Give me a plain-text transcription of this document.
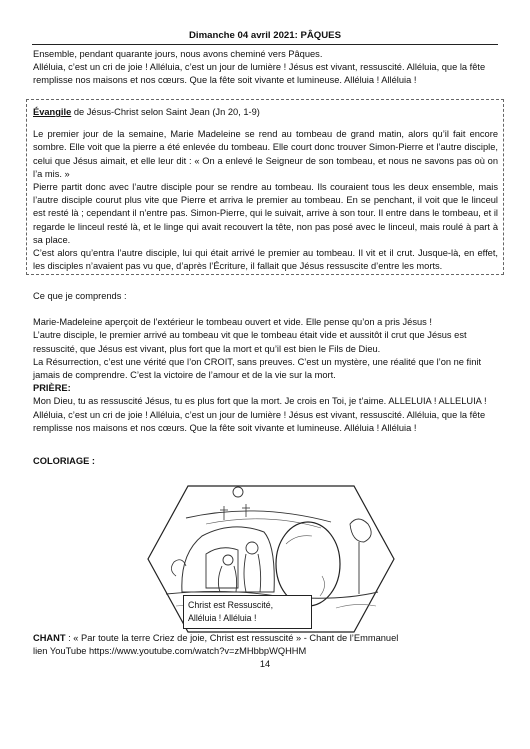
Dimanche 04 avril 2021: PÂQUES

Ensemble, pendant quarante jours, nous avons cheminé vers Pâques.

Alléluia, c’est un cri de joie ! Alléluia, c’est un jour de lumière ! Jésus est vivant, ressuscité. Alléluia, que la fête remplisse nos maisons et nos cœurs. Que la fête soit vivante et lumineuse. Alléluia ! Alléluia !

Évangile de Jésus-Christ selon Saint Jean (Jn 20, 1-9)

Le premier jour de la semaine, Marie Madeleine se rend au tombeau de grand matin, alors qu’il fait encore sombre. Elle voit que la pierre a été enlevée du tombeau. Elle court donc trouver Simon-Pierre et l’autre disciple, celui que Jésus aimait, et elle leur dit : « On a enlevé le Seigneur de son tombeau, et nous ne savons pas où on l’a mis. »

Pierre partit donc avec l’autre disciple pour se rendre au tombeau. Ils couraient tous les deux ensemble, mais l’autre disciple courut plus vite que Pierre et arriva le premier au tombeau. En se penchant, il voit que le linceul est resté là ; cependant il n’entre pas. Simon-Pierre, qui le suivait, arrive à son tour. Il entre dans le tombeau, et il regarde le linceul resté là, et le linge qui avait recouvert la tête, non pas posé avec le linceul, mais roulé à part à sa place.

C’est alors qu’entra l’autre disciple, lui qui était arrivé le premier au tombeau. Il vit et il crut. Jusque-là, en effet, les disciples n’avaient pas vu que, d’après l’Écriture, il fallait que Jésus ressuscite d’entre les morts.

Ce que je comprends :

Marie-Madeleine aperçoit de l’extérieur le tombeau ouvert et vide. Elle pense qu’on a pris Jésus !

L’autre disciple, le premier arrivé au tombeau vit que le tombeau était vide et aussitôt il crut que Jésus est ressuscité, que Jésus est vivant, plus fort que la mort et qu’il est bien le Fils de Dieu.

La Résurrection, c’est une vérité que l’on CROIT, sans preuves. C’est un mystère, une réalité que l’on ne finit jamais de comprendre. C’est la victoire de l’amour et de la vie sur la mort.

PRIÈRE:

Mon Dieu, tu as ressuscité Jésus, tu es plus fort que la mort. Je crois en Toi, je t’aime. ALLELUIA ! ALLELUIA !

Alléluia, c’est un cri de joie ! Alléluia, c’est un jour de lumière ! Jésus est vivant, ressuscité. Alléluia, que la fête remplisse nos maisons et nos cœurs. Que la fête soit vivante et lumineuse. Alléluia ! Alléluia !

COLORIAGE :
Christ est Ressuscité,
Alléluia ! Alléluia !

CHANT : « Par toute la terre Criez de joie, Christ est ressuscité » - Chant de l’Emmanuel

lien YouTube https://www.youtube.com/watch?v=zMHbbpWQHHM

14
